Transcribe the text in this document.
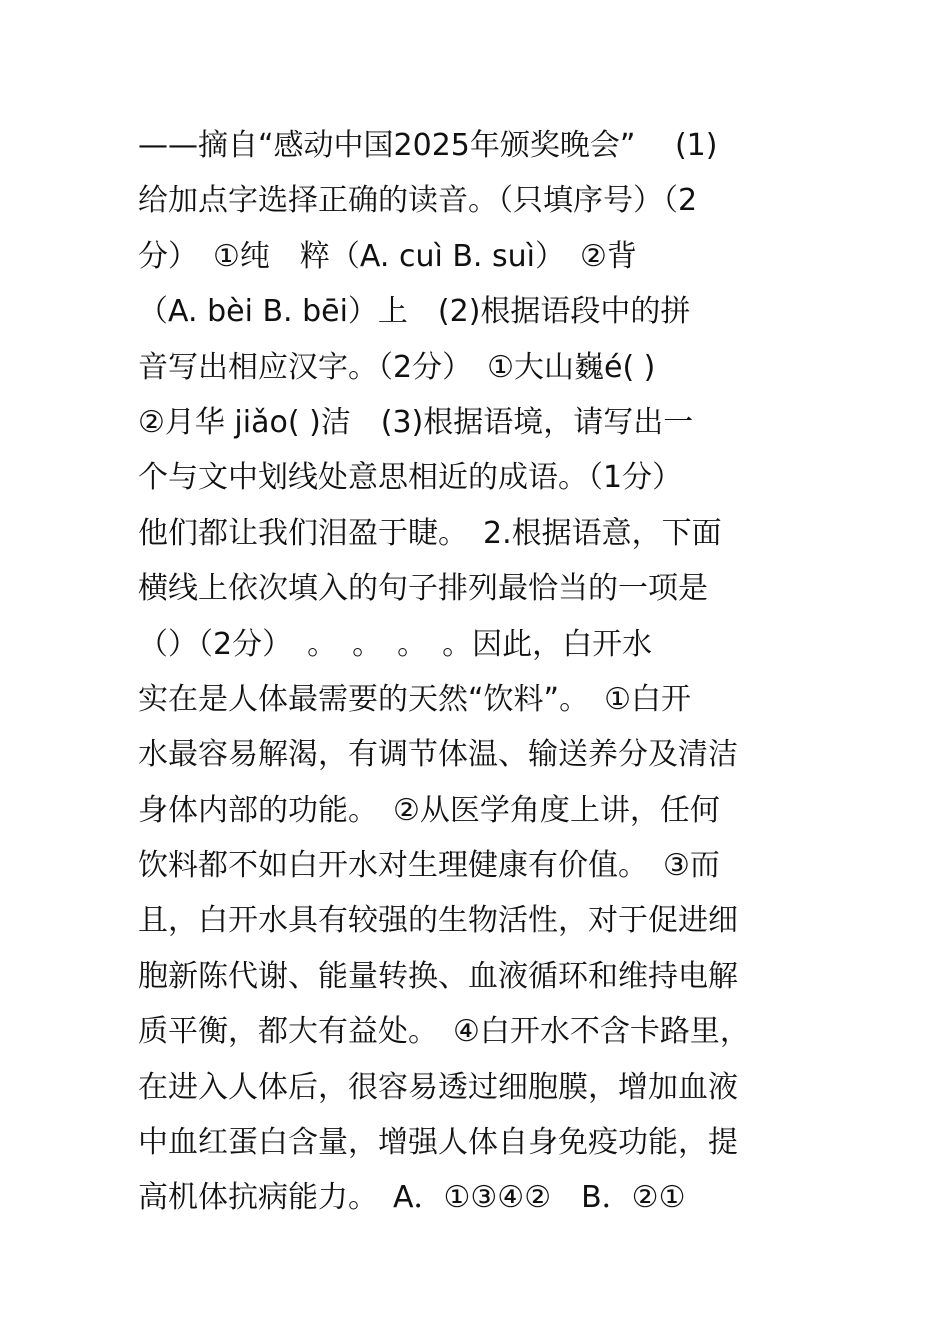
——摘自“感动中国2025年颁奖晚会”　 (1)
给加点字选择正确的读音。（只填序号）（2
分）　①纯　粹（A. cuì B. suì）　②背
（A. bèi B. bēi）上　(2)根据语段中的拼
音写出相应汉字。（2分）　①大山巍é( )
②月华 jiǎo( )洁　(3)根据语境，请写出一
个与文中划线处意思相近的成语。（1分）
他们都让我们泪盈于睫。　2.根据语意，下面
横线上依次填入的句子排列最恰当的一项是
（）（2分）　。　。　。　。因此，白开水
实在是人体最需要的天然“饮料”。　①白开
水最容易解渴，有调节体温、输送养分及清洁
身体内部的功能。　②从医学角度上讲，任何
饮料都不如白开水对生理健康有价值。　③而
且，白开水具有较强的生物活性，对于促进细
胞新陈代谢、能量转换、血液循环和维持电解
质平衡，都大有益处。　④白开水不含卡路里，
在进入人体后，很容易透过细胞膜，增加血液
中血红蛋白含量，增强人体自身免疫功能，提
高机体抗病能力。　A．①③④②　B．②①
